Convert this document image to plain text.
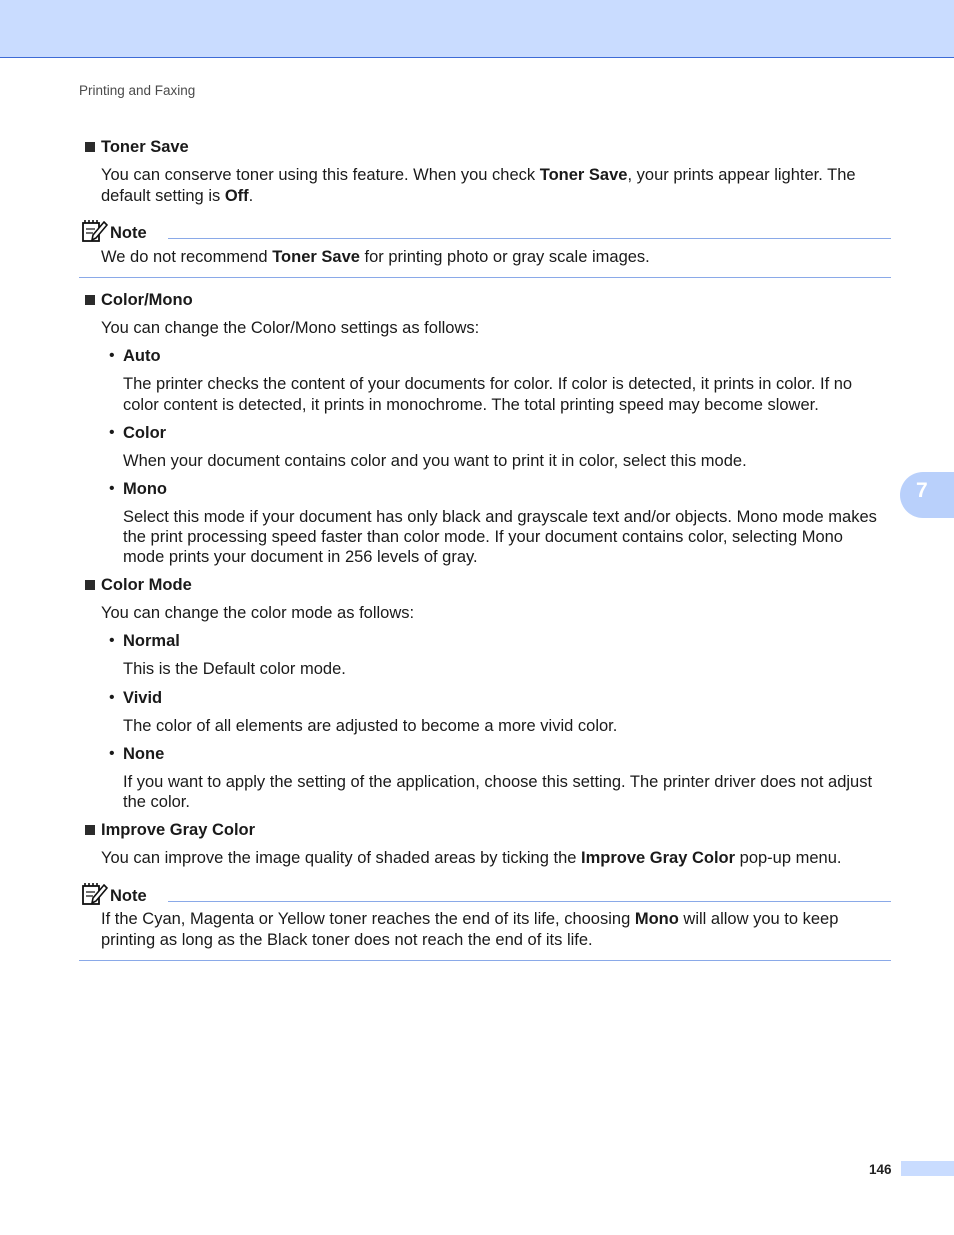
Printing and Faxing
Toner Save
You can conserve toner using this feature. When you check Toner Save, your prints appear lighter. The
default setting is Off.
Note
We do not recommend Toner Save for printing photo or gray scale images.
Color/Mono
You can change the Color/Mono settings as follows:
• Auto
The printer checks the content of your documents for color. If color is detected, it prints in color. If no
color content is detected, it prints in monochrome. The total printing speed may become slower.
• Color
When your document contains color and you want to print it in color, select this mode.
• Mono
Select this mode if your document has only black and grayscale text and/or objects. Mono mode makes
the print processing speed faster than color mode. If your document contains color, selecting Mono
mode prints your document in 256 levels of gray.
Color Mode
You can change the color mode as follows:
• Normal
This is the Default color mode.
• Vivid
The color of all elements are adjusted to become a more vivid color.
• None
If you want to apply the setting of the application, choose this setting. The printer driver does not adjust
the color.
Improve Gray Color
You can improve the image quality of shaded areas by ticking the Improve Gray Color pop-up menu.
Note
If the Cyan, Magenta or Yellow toner reaches the end of its life, choosing Mono will allow you to keep
printing as long as the Black toner does not reach the end of its life.
7
146
